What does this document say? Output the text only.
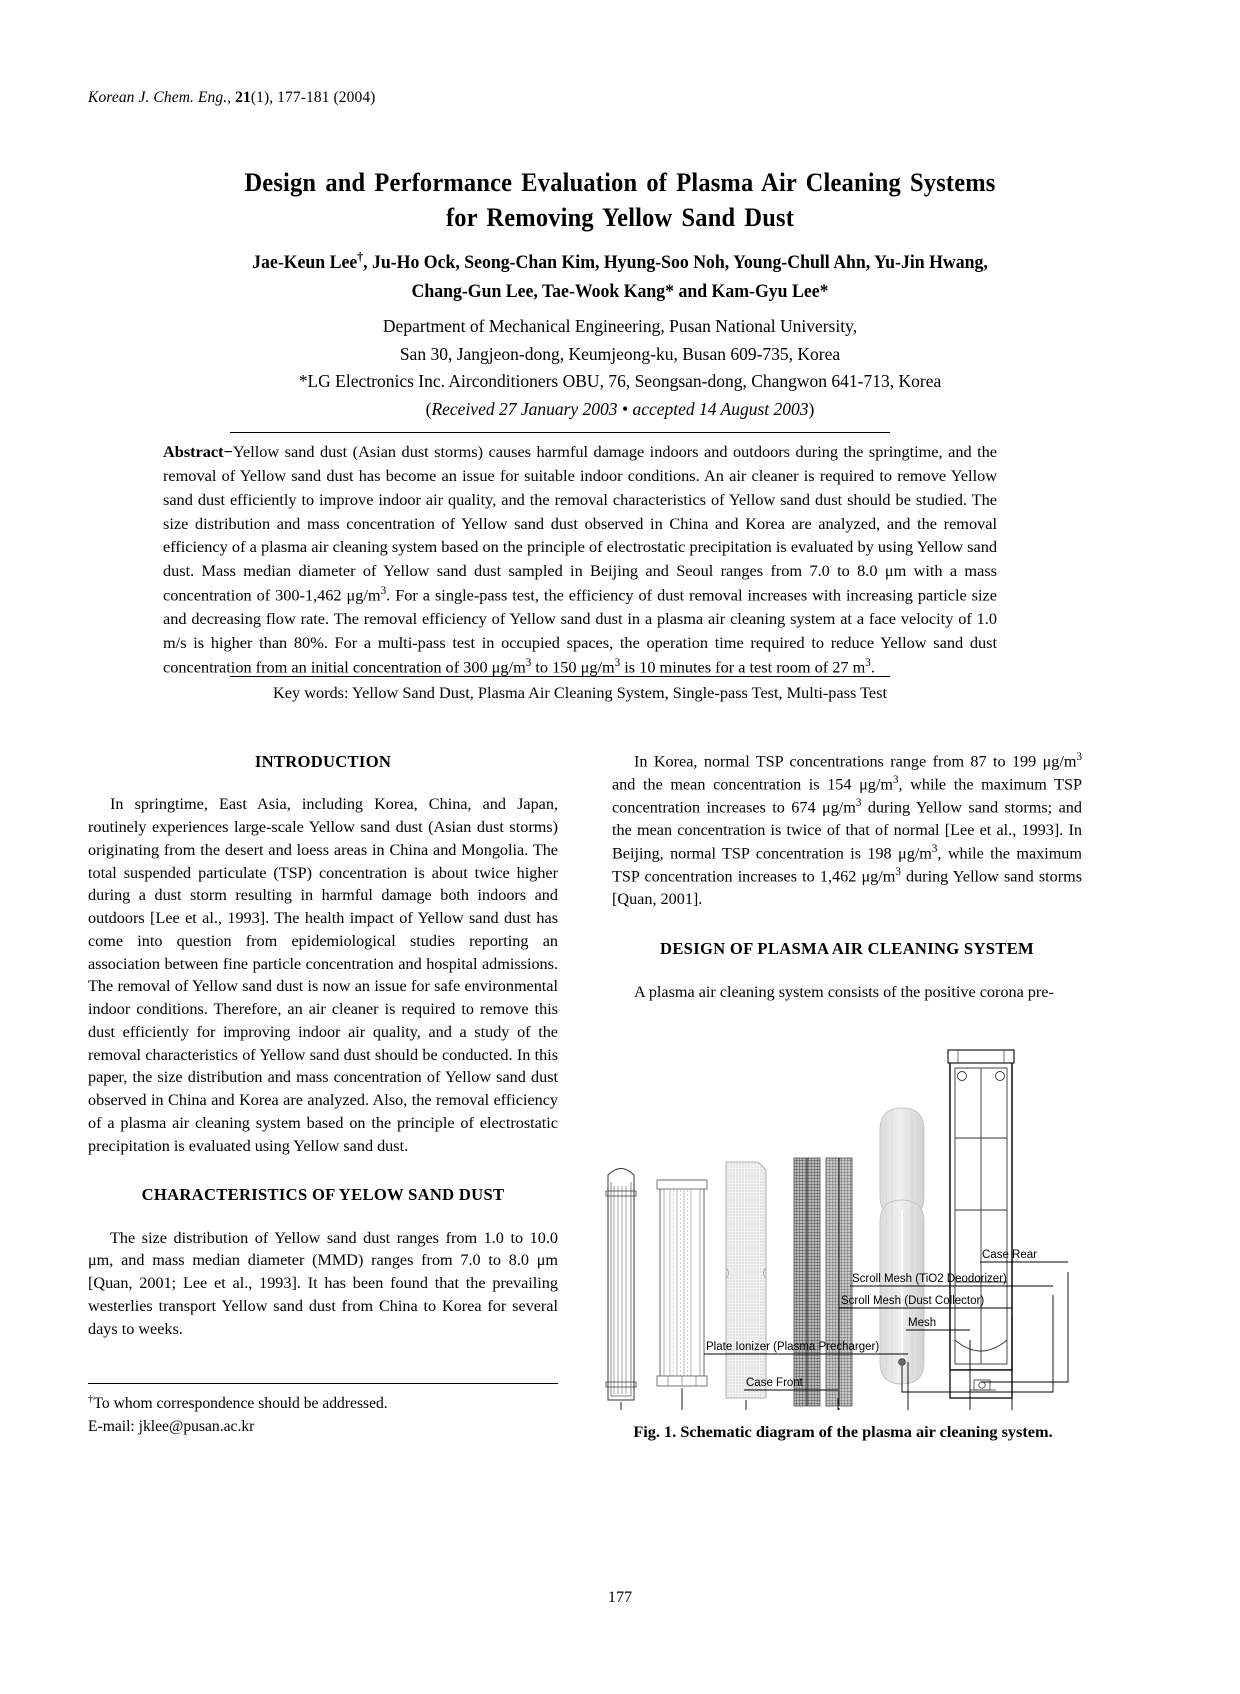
Korean J. Chem. Eng., 21(1), 177-181 (2004)
Design and Performance Evaluation of Plasma Air Cleaning Systems
for Removing Yellow Sand Dust
Jae-Keun Lee†, Ju-Ho Ock, Seong-Chan Kim, Hyung-Soo Noh, Young-Chull Ahn, Yu-Jin Hwang,
Chang-Gun Lee, Tae-Wook Kang* and Kam-Gyu Lee*
Department of Mechanical Engineering, Pusan National University,
San 30, Jangjeon-dong, Keumjeong-ku, Busan 609-735, Korea
*LG Electronics Inc. Airconditioners OBU, 76, Seongsan-dong, Changwon 641-713, Korea
(Received 27 January 2003 • accepted 14 August 2003)
Abstract−Yellow sand dust (Asian dust storms) causes harmful damage indoors and outdoors during the springtime, and the removal of Yellow sand dust has become an issue for suitable indoor conditions. An air cleaner is required to remove Yellow sand dust efficiently to improve indoor air quality, and the removal characteristics of Yellow sand dust should be studied. The size distribution and mass concentration of Yellow sand dust observed in China and Korea are analyzed, and the removal efficiency of a plasma air cleaning system based on the principle of electrostatic precipitation is evaluated by using Yellow sand dust. Mass median diameter of Yellow sand dust sampled in Beijing and Seoul ranges from 7.0 to 8.0 μm with a mass concentration of 300-1,462 $\mu g/m^3$. For a single-pass test, the efficiency of dust removal increases with increasing particle size and decreasing flow rate. The removal efficiency of Yellow sand dust in a plasma air cleaning system at a face velocity of 1.0 m/s is higher than 80%. For a multi-pass test in occupied spaces, the operation time required to reduce Yellow sand dust concentration from an initial concentration of 300 $\mu g/m^3$ to 150 $\mu g/m^3$ is 10 minutes for a test room of 27 $m^3$.
Key words: Yellow Sand Dust, Plasma Air Cleaning System, Single-pass Test, Multi-pass Test
INTRODUCTION

In springtime, East Asia, including Korea, China, and Japan, routinely experiences large-scale Yellow sand dust (Asian dust storms) originating from the desert and loess areas in China and Mongolia. The total suspended particulate (TSP) concentration is about twice higher during a dust storm resulting in harmful damage both indoors and outdoors [Lee et al., 1993]. The health impact of Yellow sand dust has come into question from epidemiological studies reporting an association between fine particle concentration and hospital admissions. The removal of Yellow sand dust is now an issue for safe environmental indoor conditions. Therefore, an air cleaner is required to remove this dust efficiently for improving indoor air quality, and a study of the removal characteristics of Yellow sand dust should be conducted. In this paper, the size distribution and mass concentration of Yellow sand dust observed in China and Korea are analyzed. Also, the removal efficiency of a plasma air cleaning system based on the principle of electrostatic precipitation is evaluated using Yellow sand dust.

CHARACTERISTICS OF YELOW SAND DUST

The size distribution of Yellow sand dust ranges from 1.0 to 10.0 μm, and mass median diameter (MMD) ranges from 7.0 to 8.0 μm [Quan, 2001; Lee et al., 1993]. It has been found that the prevailing westerlies transport Yellow sand dust from China to Korea for several days to weeks.

In Korea, normal TSP concentrations range from 87 to 199 $\mu g/m^3$ and the mean concentration is 154 $\mu g/m^3$, while the maximum TSP concentration increases to 674 $\mu g/m^3$ during Yellow sand storms; and the mean concentration is twice of that of normal [Lee et al., 1993]. In Beijing, normal TSP concentration is 198 $\mu g/m^3$, while the maximum TSP concentration increases to 1,462 $\mu g/m^3$ during Yellow sand storms [Quan, 2001].

DESIGN OF PLASMA AIR CLEANING SYSTEM

A plasma air cleaning system consists of the positive corona pre-

Case Rear
Scroll Mesh (TiO2 Deodorizer)
Scroll Mesh (Dust Collector)
Mesh
Plate Ionizer (Plasma Precharger)
Case Front
Fig. 1. Schematic diagram of the plasma air cleaning system.
†To whom correspondence should be addressed.
E-mail: jklee@pusan.ac.kr
177
